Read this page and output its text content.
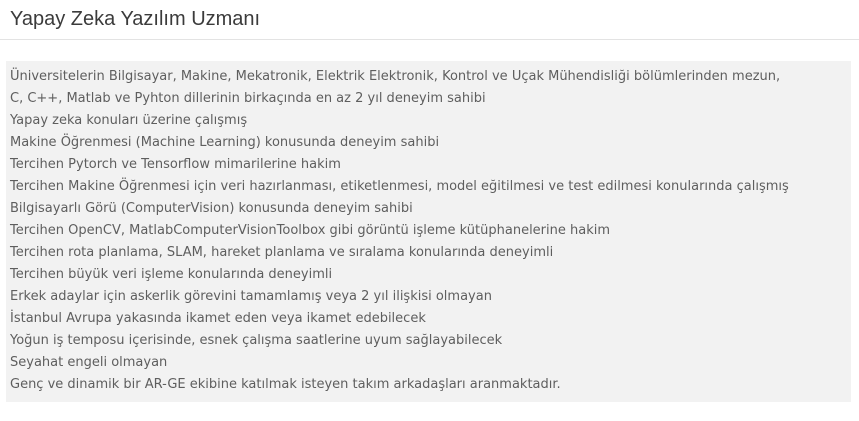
Yapay Zeka Yazılım Uzmanı
Üniversitelerin Bilgisayar, Makine, Mekatronik, Elektrik Elektronik, Kontrol ve Uçak Mühendisliği bölümlerinden mezun,
C, C++, Matlab ve Pyhton dillerinin birkaçında en az 2 yıl deneyim sahibi
Yapay zeka konuları üzerine çalışmış
Makine Öğrenmesi (Machine Learning) konusunda deneyim sahibi
Tercihen Pytorch ve Tensorflow mimarilerine hakim
Tercihen Makine Öğrenmesi için veri hazırlanması, etiketlenmesi, model eğitilmesi ve test edilmesi konularında çalışmış
Bilgisayarlı Görü (ComputerVision) konusunda deneyim sahibi
Tercihen OpenCV, MatlabComputerVisionToolbox gibi görüntü işleme kütüphanelerine hakim
Tercihen rota planlama, SLAM, hareket planlama ve sıralama konularında deneyimli
Tercihen büyük veri işleme konularında deneyimli
Erkek adaylar için askerlik görevini tamamlamış veya 2 yıl ilişkisi olmayan
İstanbul Avrupa yakasında ikamet eden veya ikamet edebilecek
Yoğun iş temposu içerisinde, esnek çalışma saatlerine uyum sağlayabilecek
Seyahat engeli olmayan
Genç ve dinamik bir AR-GE ekibine katılmak isteyen takım arkadaşları aranmaktadır.
